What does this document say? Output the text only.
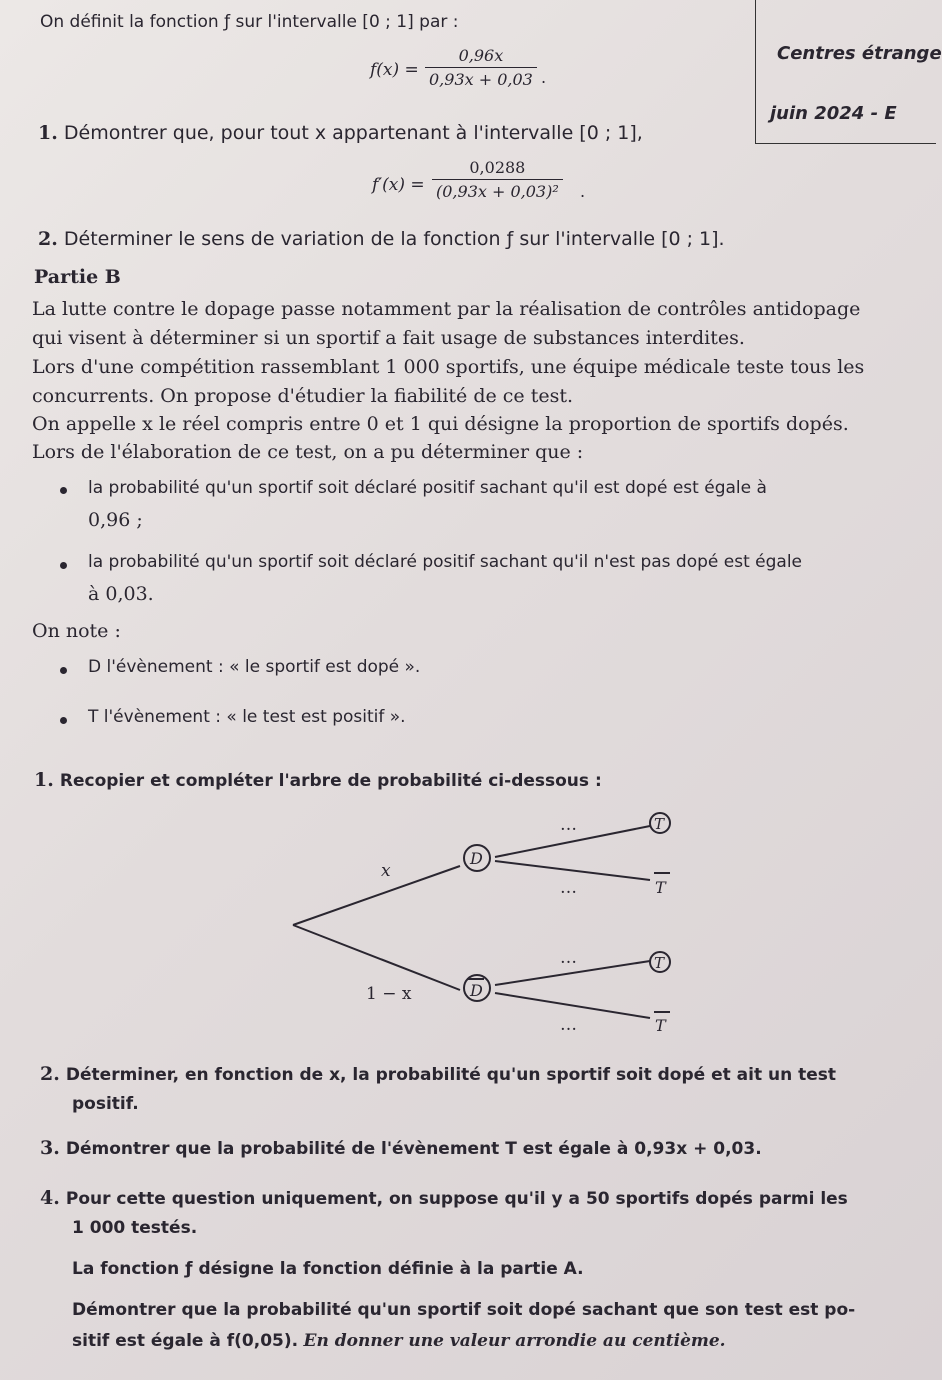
On définit la fonction ƒ sur l'intervalle [0 ; 1] par :
$f(x) = \frac{0,96x}{0,93x + 0,03}$ .
Centres étrange
juin 2024 - E
1. Démontrer que, pour tout x appartenant à l'intervalle [0 ; 1],
$f'(x) = \frac{0,0288}{\text{(0,93x + 0,03)²}}$ .
2. Déterminer le sens de variation de la fonction ƒ sur l'intervalle [0 ; 1].
Partie B
La lutte contre le dopage passe notamment par la réalisation de contrôles antidopage
qui visent à déterminer si un sportif a fait usage de substances interdites.
Lors d'une compétition rassemblant 1 000 sportifs, une équipe médicale teste tous les
concurrents. On propose d'étudier la fiabilité de ce test.
On appelle x le réel compris entre 0 et 1 qui désigne la proportion de sportifs dopés.
Lors de l'élaboration de ce test, on a pu déterminer que :
la probabilité qu'un sportif soit déclaré positif sachant qu'il est dopé est égale à
0,96 ;
la probabilité qu'un sportif soit déclaré positif sachant qu'il n'est pas dopé est égale
à 0,03.
On note :
D l'évènement : « le sportif est dopé ».
T l'évènement : « le test est positif ».
1. Recopier et compléter l'arbre de probabilité ci-dessous :
x
1 − x
…
…
…
…
D
D
T
T
T
T
2. Déterminer, en fonction de x, la probabilité qu'un sportif soit dopé et ait un test
positif.
3. Démontrer que la probabilité de l'évènement T est égale à 0,93x + 0,03.
4. Pour cette question uniquement, on suppose qu'il y a 50 sportifs dopés parmi les
1 000 testés.
La fonction ƒ désigne la fonction définie à la partie A.
Démontrer que la probabilité qu'un sportif soit dopé sachant que son test est po-
sitif est égale à f(0,05). En donner une valeur arrondie au centième.
